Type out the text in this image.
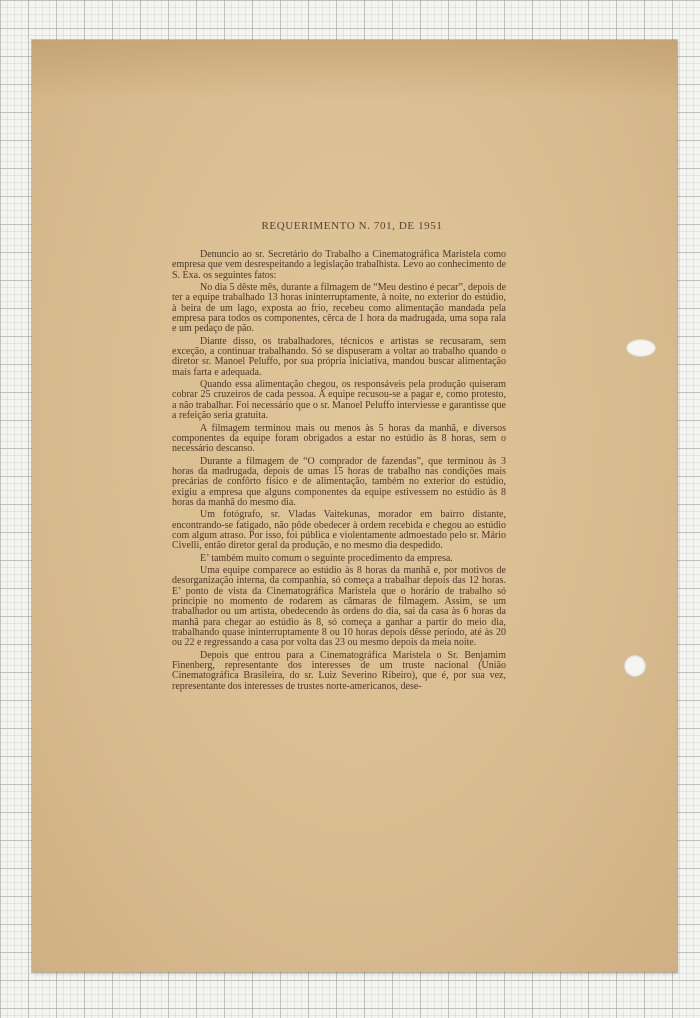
REQUERIMENTO N. 701, DE 1951

Denuncio ao sr. Secretário do Trabalho a Cinematográfica Maristela como empresa que vem desrespeitando a legislação trabalhista. Levo ao conhecimento de S. Exa. os seguintes fatos:

No dia 5 dêste mês, durante a filmagem de “Meu destino é pecar”, depois de ter a equipe trabalhado 13 horas ininterruptamente, à noite, no exterior do estúdio, à beira de um lago, exposta ao frio, recebeu como alimentação mandada pela empresa para todos os componentes, cêrca de 1 hora da madrugada, uma sopa rala e um pedaço de pão.

Diante disso, os trabalhadores, técnicos e artistas se recusaram, sem exceção, a continuar trabalhando. Só se dispuseram a voltar ao trabalho quando o diretor sr. Manoel Peluffo, por sua própria iniciativa, mandou buscar alimentação mais farta e adequada.

Quando essa alimentação chegou, os responsáveis pela produção quiseram cobrar 25 cruzeiros de cada pessoa. A equipe recusou-se a pagar e, como protesto, a não trabalhar. Foi necessário que o sr. Manoel Peluffo interviesse e garantisse que a refeição seria gratuita.

A filmagem terminou mais ou menos às 5 horas da manhã, e diversos componentes da equipe foram obrigados a estar no estúdio às 8 horas, sem o necessário descanso.

Durante a filmagem de “O comprador de fazendas”, que terminou às 3 horas da madrugada, depois de umas 15 horas de trabalho nas condições mais precárias de confôrto físico e de alimentação, também no exterior do estúdio, exigiu a empresa que alguns componentes da equipe estivessem no estúdio às 8 horas da manhã do mesmo dia.

Um fotógrafo, sr. Vladas Vaitekunas, morador em bairro distante, encontrando-se fatigado, não pôde obedecer à ordem recebida e chegou ao estúdio com algum atraso. Por isso, foi pública e violentamente admoestado pelo sr. Mário Civelli, então diretor geral da produção, e no mesmo dia despedido.

E’ também muito comum o seguinte procedimento da empresa.

Uma equipe comparece ao estúdio às 8 horas da manhã e, por motivos de desorganização interna, da companhia, só começa a trabalhar depois das 12 horas. E’ ponto de vista da Cinematográfica Maristela que o horário de trabalho só principie no momento de rodarem as câmaras de filmagem. Assim, se um trabalhador ou um artista, obedecendo às ordens do dia, sai da casa às 6 horas da manhã para chegar ao estúdio às 8, só começa a ganhar a partir do meio dia, trabalhando quase ininterruptamente 8 ou 10 horas depois dêsse período, até às 20 ou 22 e regressando a casa por volta das 23 ou mesmo depois da meia noite.

Depois que entrou para a Cinematográfica Maristela o Sr. Benjamim Finenberg, representante dos interesses de um truste nacional (União Cinematográfica Brasileira, do sr. Luiz Severino Ribeiro), que é, por sua vez, representante dos interesses de trustes norte-americanos, dese-
